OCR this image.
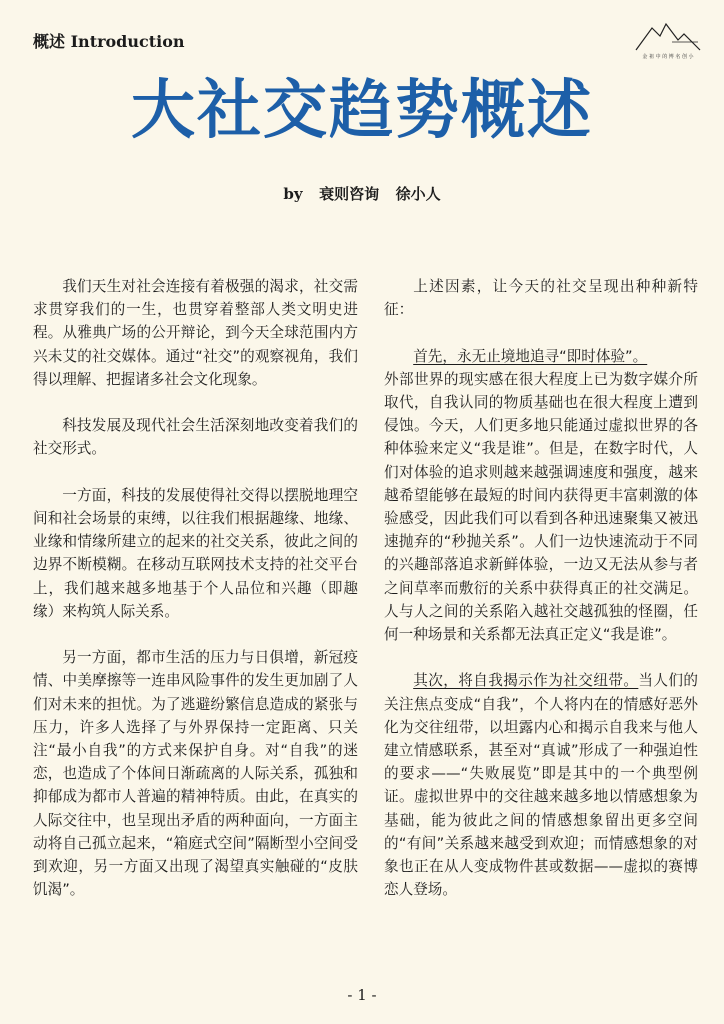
概述 Introduction
金 祖 中 的 博 名 创 小
大社交趋势概述
by 衰则咨询 徐小人

我们天生对社会连接有着极强的渴求，社交需求贯穿我们的一生，也贯穿着整部人类文明史进程。从雅典广场的公开辩论，到今天全球范围内方兴未艾的社交媒体。通过“社交”的观察视角，我们得以理解、把握诸多社会文化现象。

科技发展及现代社会生活深刻地改变着我们的社交形式。

一方面，科技的发展使得社交得以摆脱地理空间和社会场景的束缚，以往我们根据趣缘、地缘、业缘和情缘所建立的起来的社交关系，彼此之间的边界不断模糊。在移动互联网技术支持的社交平台上，我们越来越多地基于个人品位和兴趣（即趣缘）来构筑人际关系。

另一方面，都市生活的压力与日俱增，新冠疫情、中美摩擦等一连串风险事件的发生更加剧了人们对未来的担忧。为了逃避纷繁信息造成的紧张与压力，许多人选择了与外界保持一定距离、只关注“最小自我”的方式来保护自身。对“自我”的迷恋，也造成了个体间日渐疏离的人际关系，孤独和抑郁成为都市人普遍的精神特质。由此，在真实的人际交往中，也呈现出矛盾的两种面向，一方面主动将自己孤立起来，“箱庭式空间”隔断型小空间受到欢迎，另一方面又出现了渴望真实触碰的“皮肤饥渴”。

上述因素，让今天的社交呈现出种种新特征：

首先，永无止境地追寻“即时体验”。

外部世界的现实感在很大程度上已为数字媒介所取代，自我认同的物质基础也在很大程度上遭到侵蚀。今天，人们更多地只能通过虚拟世界的各种体验来定义“我是谁”。但是，在数字时代，人们对体验的追求则越来越强调速度和强度，越来越希望能够在最短的时间内获得更丰富刺激的体验感受，因此我们可以看到各种迅速聚集又被迅速抛弃的“秒抛关系”。人们一边快速流动于不同的兴趣部落追求新鲜体验，一边又无法从参与者之间草率而敷衍的关系中获得真正的社交满足。人与人之间的关系陷入越社交越孤独的怪圈，任何一种场景和关系都无法真正定义“我是谁”。

其次，将自我揭示作为社交纽带。当人们的关注焦点变成“自我”，个人将内在的情感好恶外化为交往纽带，以坦露内心和揭示自我来与他人建立情感联系，甚至对“真诚”形成了一种强迫性的要求——“失败展览”即是其中的一个典型例证。虚拟世界中的交往越来越多地以情感想象为基础，能为彼此之间的情感想象留出更多空间的“有间”关系越来越受到欢迎；而情感想象的对象也正在从人变成物件甚或数据——虚拟的赛博恋人登场。

- 1 -
